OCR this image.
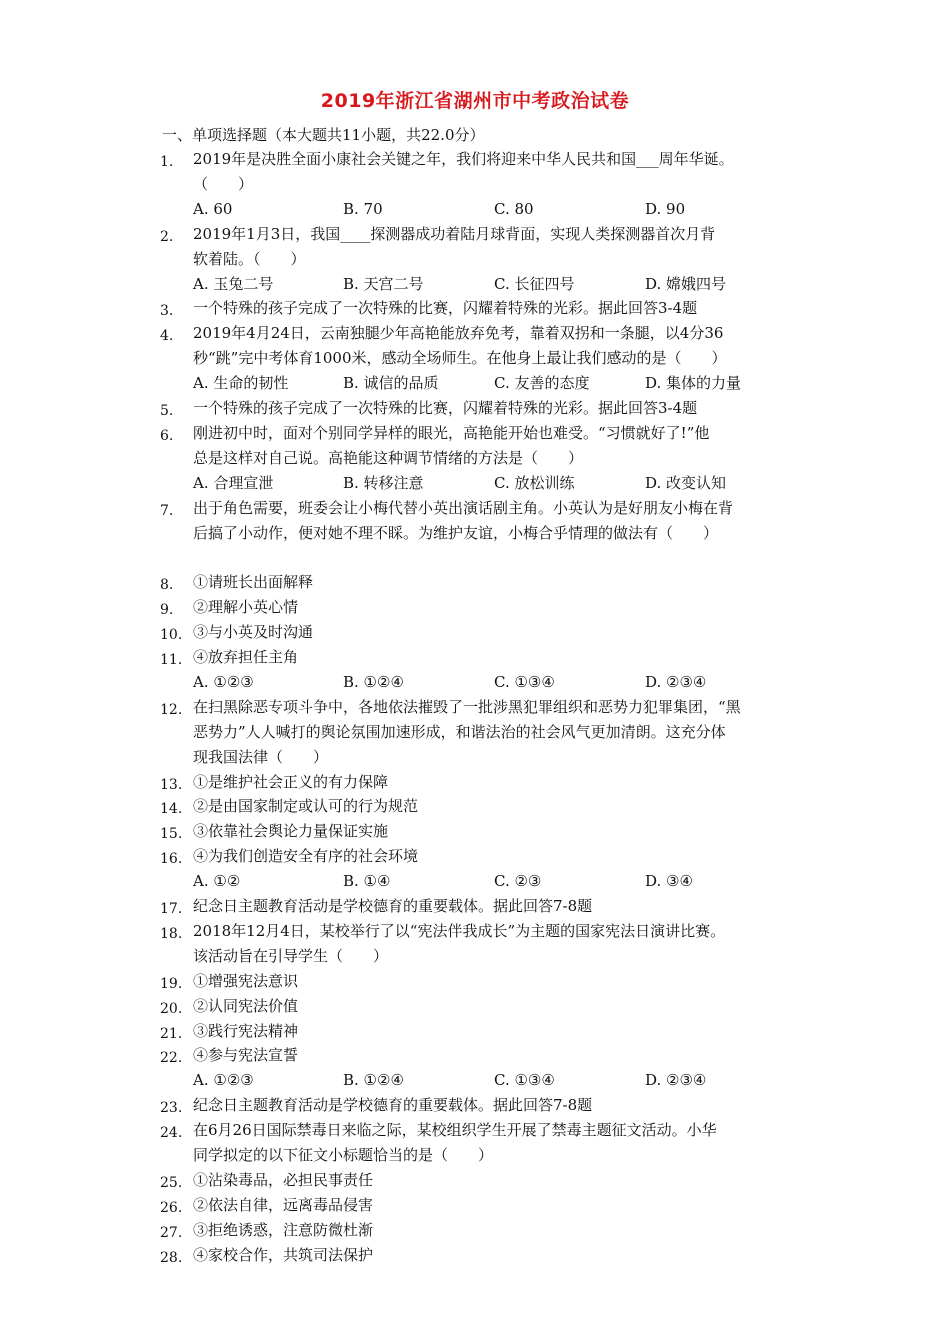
2019年浙江省湖州市中考政治试卷
一、单项选择题（本大题共11小题，共22.0分）
1.	2019年是决胜全面小康社会关键之年，我们将迎来中华人民共和国___周年华诞。
（　　）
A. 60	B. 70	C. 80	D. 90
2.	2019年1月3日，我国____探测器成功着陆月球背面，实现人类探测器首次月背
软着陆。（　　）
A. 玉兔二号	B. 天宫二号	C. 长征四号	D. 嫦娥四号
3.	一个特殊的孩子完成了一次特殊的比赛，闪耀着特殊的光彩。据此回答3-4题
4.	2019年4月24日，云南独腿少年高艳能放弃免考，靠着双拐和一条腿，以4分36
秒“跳”完中考体育1000米，感动全场师生。在他身上最让我们感动的是（　　）
A. 生命的韧性	B. 诚信的品质	C. 友善的态度	D. 集体的力量
5.	一个特殊的孩子完成了一次特殊的比赛，闪耀着特殊的光彩。据此回答3-4题
6.	刚进初中时，面对个别同学异样的眼光，高艳能开始也难受。“习惯就好了!”他
总是这样对自己说。高艳能这种调节情绪的方法是（　　）
A. 合理宣泄	B. 转移注意	C. 放松训练	D. 改变认知
7.	出于角色需要，班委会让小梅代替小英出演话剧主角。小英认为是好朋友小梅在背
后搞了小动作，便对她不理不睬。为维护友谊，小梅合乎情理的做法有（　　）
8.	①请班长出面解释
9.	②理解小英心情
10. ③与小英及时沟通
11. ④放弃担任主角
A. ①②③	B. ①②④	C. ①③④	D. ②③④
12. 在扫黑除恶专项斗争中，各地依法摧毁了一批涉黑犯罪组织和恶势力犯罪集团，“黑
恶势力”人人喊打的舆论氛围加速形成，和谐法治的社会风气更加清朗。这充分体
现我国法律（　　）
13. ①是维护社会正义的有力保障
14. ②是由国家制定或认可的行为规范
15. ③依靠社会舆论力量保证实施
16. ④为我们创造安全有序的社会环境
A. ①②	B. ①④	C. ②③	D. ③④
17. 纪念日主题教育活动是学校德育的重要载体。据此回答7-8题
18. 2018年12月4日，某校举行了以“宪法伴我成长”为主题的国家宪法日演讲比赛。
该活动旨在引导学生（　　）
19. ①增强宪法意识
20. ②认同宪法价值
21. ③践行宪法精神
22. ④参与宪法宣誓
A. ①②③	B. ①②④	C. ①③④	D. ②③④
23. 纪念日主题教育活动是学校德育的重要载体。据此回答7-8题
24. 在6月26日国际禁毒日来临之际，某校组织学生开展了禁毒主题征文活动。小华
同学拟定的以下征文小标题恰当的是（　　）
25. ①沾染毒品，必担民事责任
26. ②依法自律，远离毒品侵害
27. ③拒绝诱惑，注意防微杜渐
28. ④家校合作，共筑司法保护
